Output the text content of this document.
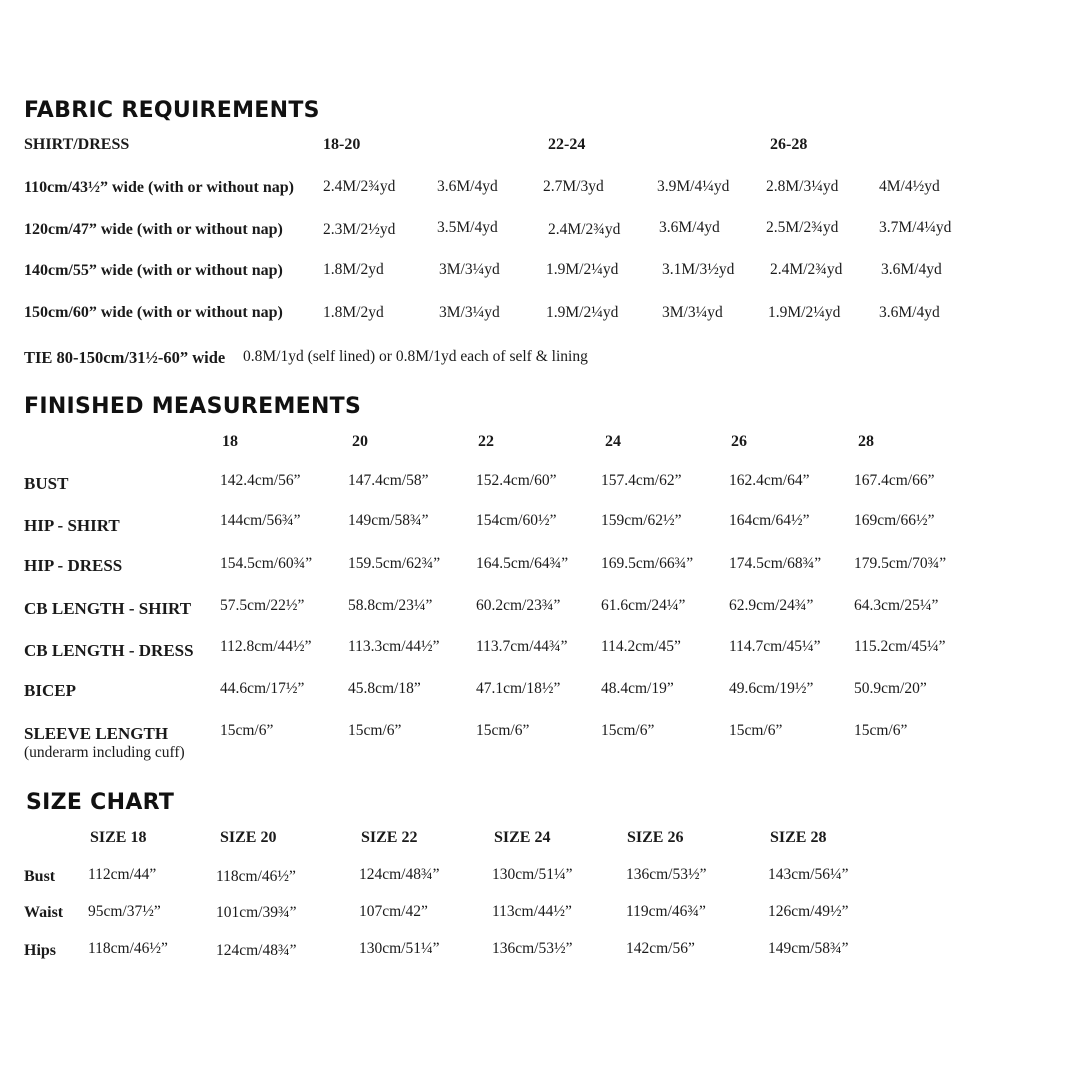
FABRIC REQUIREMENTS
SHIRT/DRESS	18-20	22-24	26-28
110cm/43½” wide (with or without nap) 2.4M/2¾yd	3.6M/4yd	2.7M/3yd	3.9M/4¼yd 2.8M/3¼yd	4M/4½yd
120cm/47” wide (with or without nap)	2.3M/2½yd	3.5M/4yd	2.4M/2¾yd 3.6M/4yd	2.5M/2¾yd	3.7M/4¼yd
140cm/55” wide (with or without nap)	1.8M/2yd	3M/3¼yd	1.9M/2¼yd	3.1M/3½yd 2.4M/2¾yd 3.6M/4yd
150cm/60” wide (with or without nap)	1.8M/2yd	3M/3¼yd	1.9M/2¼yd	3M/3¼yd	1.9M/2¼yd 3.6M/4yd
TIE 80-150cm/31½-60” wide 0.8M/1yd (self lined) or 0.8M/1yd each of self & lining
FINISHED MEASUREMENTS
18	20	22	24	26	28
BUST	142.4cm/56”	147.4cm/58”	152.4cm/60”	157.4cm/62”	162.4cm/64”	167.4cm/66”
HIP - SHIRT	144cm/56¾”	149cm/58¾”	154cm/60½”	159cm/62½”	164cm/64½”	169cm/66½”
HIP - DRESS	154.5cm/60¾” 159.5cm/62¾” 164.5cm/64¾” 169.5cm/66¾” 174.5cm/68¾” 179.5cm/70¾”
CB LENGTH - SHIRT 57.5cm/22½”	58.8cm/23¼”	60.2cm/23¾”	61.6cm/24¼”	62.9cm/24¾”	64.3cm/25¼”
CB LENGTH - DRESS 112.8cm/44½” 113.3cm/44½” 113.7cm/44¾” 114.2cm/45”	114.7cm/45¼” 115.2cm/45¼”
BICEP	44.6cm/17½”	45.8cm/18”	47.1cm/18½”	48.4cm/19”	49.6cm/19½”	50.9cm/20”
SLEEVE LENGTH
(underarm including cuff)
15cm/6”	15cm/6”	15cm/6”	15cm/6”	15cm/6”	15cm/6”
SIZE CHART
SIZE 18	SIZE 20	SIZE 22	SIZE 24	SIZE 26	SIZE 28
Bust 112cm/44”	118cm/46½”	124cm/48¾”	130cm/51¼”	136cm/53½”	143cm/56¼”
Waist 95cm/37½”	101cm/39¾”	107cm/42”	113cm/44½”	119cm/46¾”	126cm/49½”
Hips 118cm/46½”	124cm/48¾”	130cm/51¼”	136cm/53½”	142cm/56”	149cm/58¾”
